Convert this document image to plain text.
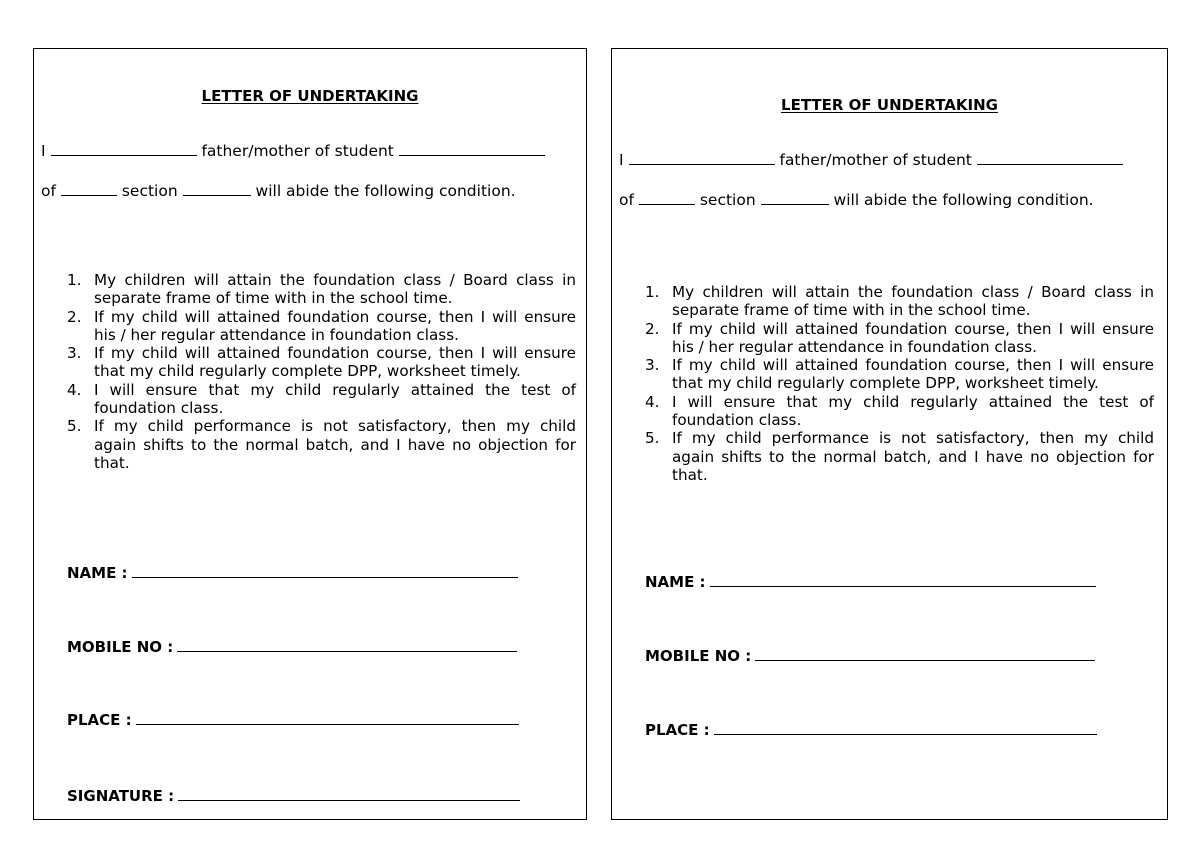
LETTER OF UNDERTAKING
I	father/mother of student
of	section	will abide the following condition.
1. My children will attain the foundation class / Board class in separate frame of time with in the school time.
2. If my child will attained foundation course, then I will ensure his / her regular attendance in foundation class.
3. If my child will attained foundation course, then I will ensure that my child regularly complete DPP, worksheet timely.
4. I will ensure that my child regularly attained the test of foundation class.
5. If my child performance is not satisfactory, then my child again shifts to the normal batch, and I have no objection for that.
NAME :
MOBILE NO :
PLACE :
SIGNATURE :
LETTER OF UNDERTAKING
I	father/mother of student
of	section	will abide the following condition.
1. My children will attain the foundation class / Board class in separate frame of time with in the school time.
2. If my child will attained foundation course, then I will ensure his / her regular attendance in foundation class.
3. If my child will attained foundation course, then I will ensure that my child regularly complete DPP, worksheet timely.
4. I will ensure that my child regularly attained the test of foundation class.
5. If my child performance is not satisfactory, then my child again shifts to the normal batch, and I have no objection for that.
NAME :
MOBILE NO :
PLACE :
